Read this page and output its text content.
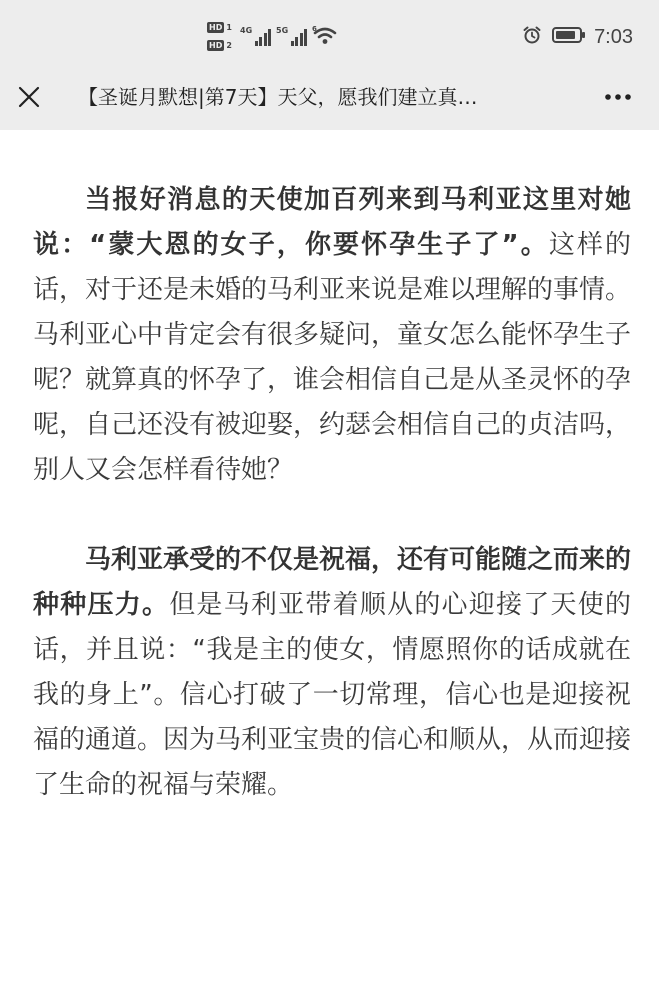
HD 1
HD 2
4G	5G	6	7:03
【圣诞月默想|第7天】天父，愿我们建立真…

当报好消息的天使加百列来到马利亚这里对她说：“蒙大恩的女子，你要怀孕生子了”。这样的话，对于还是未婚的马利亚来说是难以理解的事情。马利亚心中肯定会有很多疑问，童女怎么能怀孕生子呢？就算真的怀孕了，谁会相信自己是从圣灵怀的孕呢，自己还没有被迎娶，约瑟会相信自己的贞洁吗，别人又会怎样看待她？

马利亚承受的不仅是祝福，还有可能随之而来的种种压力。但是马利亚带着顺从的心迎接了天使的话，并且说：“我是主的使女，情愿照你的话成就在我的身上”。信心打破了一切常理，信心也是迎接祝福的通道。因为马利亚宝贵的信心和顺从，从而迎接了生命的祝福与荣耀。
